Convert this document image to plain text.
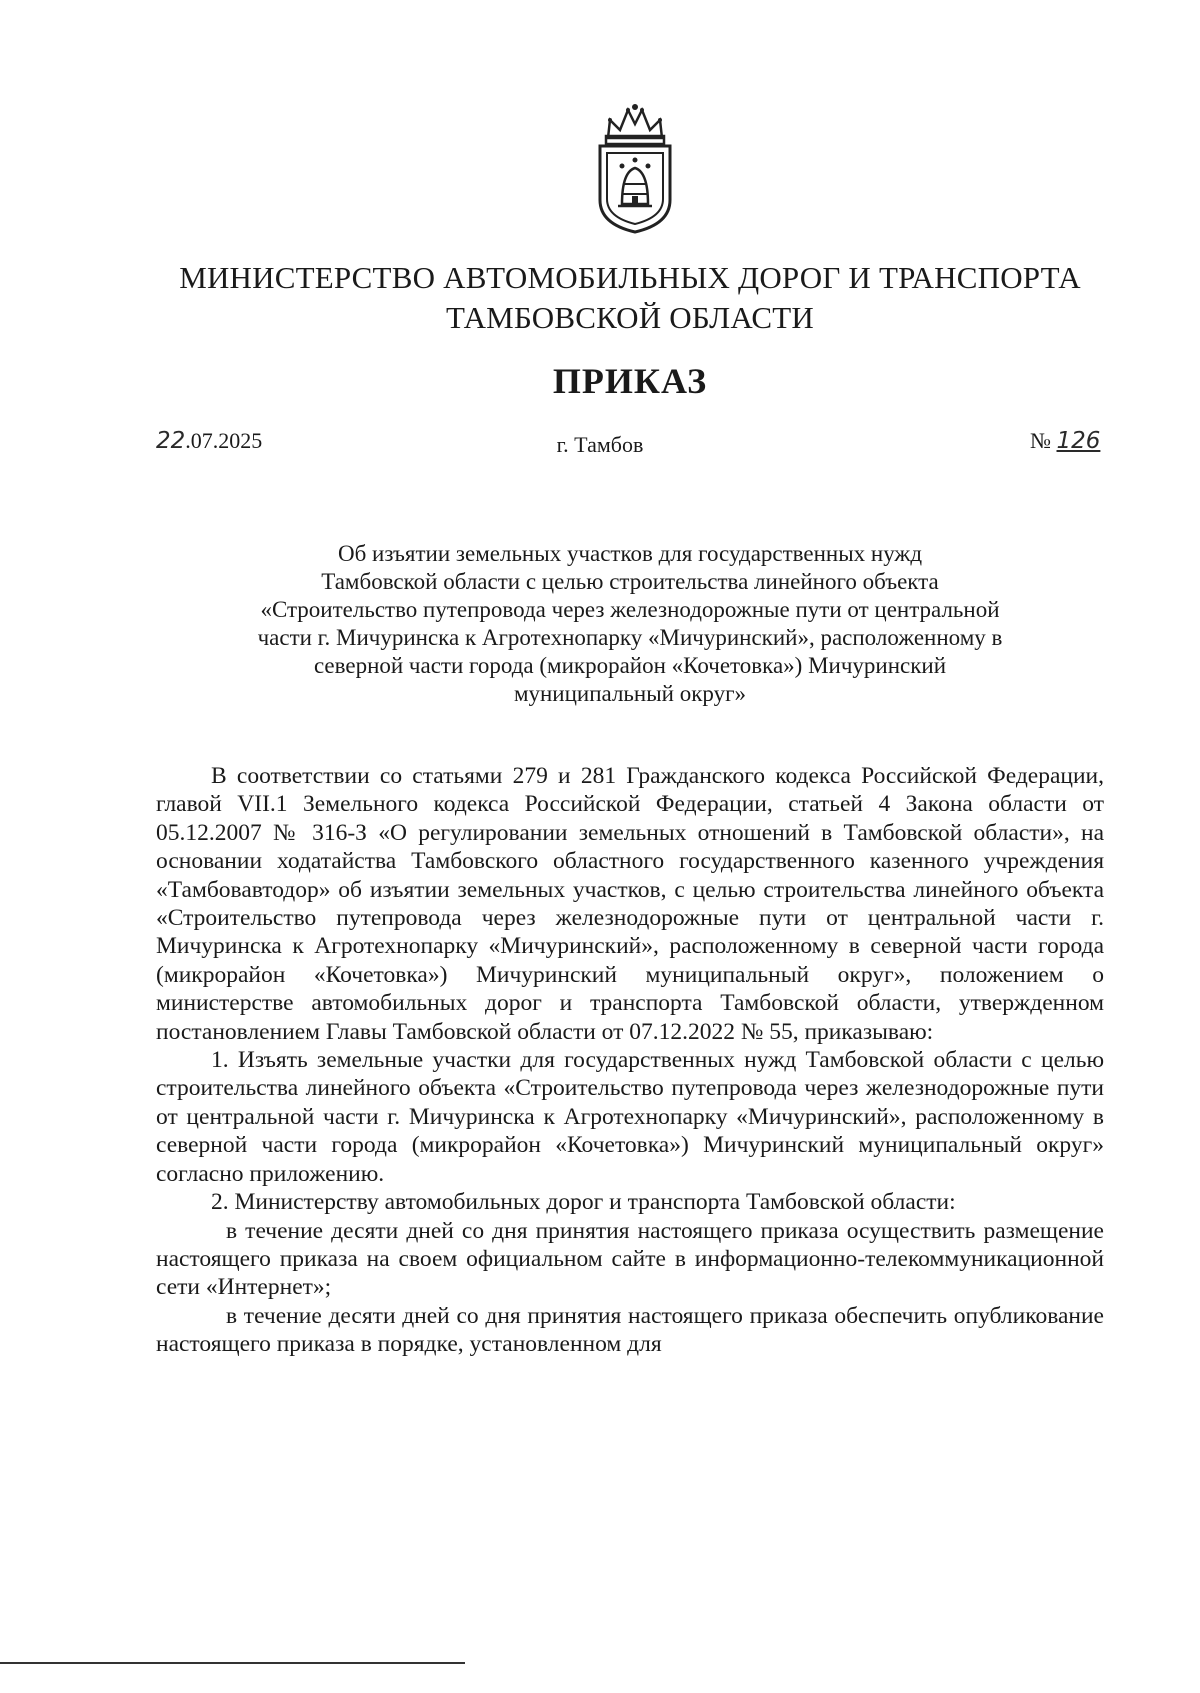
МИНИСТЕРСТВО АВТОМОБИЛЬНЫХ ДОРОГ И ТРАНСПОРТА
ТАМБОВСКОЙ ОБЛАСТИ
ПРИКАЗ
22.07.2025	г. Тамбов	№ 126
Об изъятии земельных участков для государственных нужд
Тамбовской области с целью строительства линейного объекта
«Строительство путепровода через железнодорожные пути от центральной
части г. Мичуринска к Агротехнопарку «Мичуринский», расположенному в
северной части города (микрорайон «Кочетовка») Мичуринский
муниципальный округ»

В соответствии со статьями 279 и 281 Гражданского кодекса Российской Федерации, главой VII.1 Земельного кодекса Российской Федерации, статьей 4 Закона области от 05.12.2007 № 316-З «О регулировании земельных отношений в Тамбовской области», на основании ходатайства Тамбовского областного государственного казенного учреждения «Тамбовавтодор» об изъятии земельных участков, с целью строительства линейного объекта «Строительство путепровода через железнодорожные пути от центральной части г. Мичуринска к Агротехнопарку «Мичуринский», расположенному в северной части города (микрорайон «Кочетовка») Мичуринский муниципальный округ», положением о министерстве автомобильных дорог и транспорта Тамбовской области, утвержденном постановлением Главы Тамбовской области от 07.12.2022 № 55, приказываю:

1. Изъять земельные участки для государственных нужд Тамбовской области с целью строительства линейного объекта «Строительство путепровода через железнодорожные пути от центральной части г. Мичуринска к Агротехнопарку «Мичуринский», расположенному в северной части города (микрорайон «Кочетовка») Мичуринский муниципальный округ» согласно приложению.

2. Министерству автомобильных дорог и транспорта Тамбовской области:

в течение десяти дней со дня принятия настоящего приказа осуществить размещение настоящего приказа на своем официальном сайте в информационно-телекоммуникационной сети «Интернет»;

в течение десяти дней со дня принятия настоящего приказа обеспечить опубликование настоящего приказа в порядке, установленном для
